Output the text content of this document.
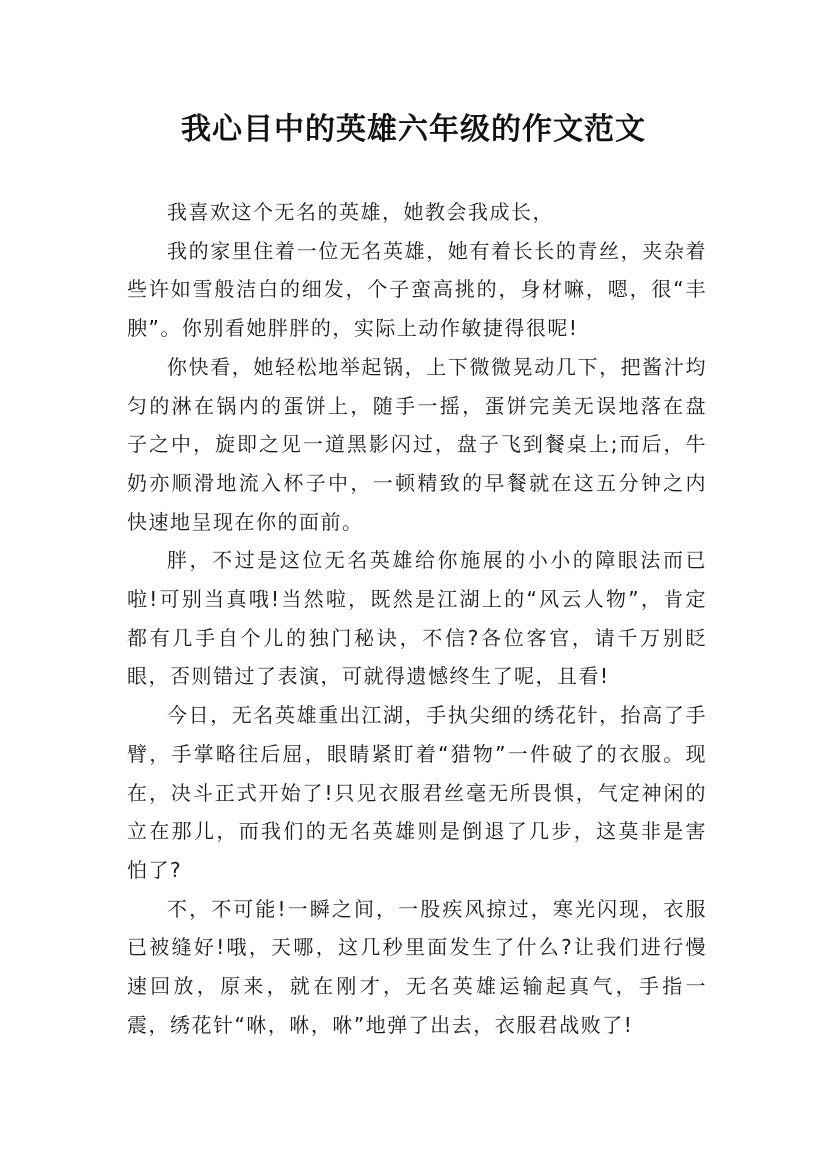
我心目中的英雄六年级的作文范文

我喜欢这个无名的英雄，她教会我成长，

我的家里住着一位无名英雄，她有着长长的青丝，夹杂着些许如雪般洁白的细发，个子蛮高挑的，身材嘛，嗯，很“丰腴”。你别看她胖胖的，实际上动作敏捷得很呢!

你快看，她轻松地举起锅，上下微微晃动几下，把酱汁均匀的淋在锅内的蛋饼上，随手一摇，蛋饼完美无误地落在盘子之中，旋即之见一道黑影闪过，盘子飞到餐桌上;而后，牛奶亦顺滑地流入杯子中，一顿精致的早餐就在这五分钟之内快速地呈现在你的面前。

胖，不过是这位无名英雄给你施展的小小的障眼法而已啦!可别当真哦!当然啦，既然是江湖上的“风云人物”，肯定都有几手自个儿的独门秘诀，不信?各位客官，请千万别眨眼，否则错过了表演，可就得遗憾终生了呢，且看!

今日，无名英雄重出江湖，手执尖细的绣花针，抬高了手臂，手掌略往后屈，眼睛紧盯着“猎物”一件破了的衣服。现在，决斗正式开始了!只见衣服君丝毫无所畏惧，气定神闲的立在那儿，而我们的无名英雄则是倒退了几步，这莫非是害怕了?

不，不可能!一瞬之间，一股疾风掠过，寒光闪现，衣服已被缝好!哦，天哪，这几秒里面发生了什么?让我们进行慢速回放，原来，就在刚才，无名英雄运输起真气，手指一震，绣花针“咻，咻，咻”地弹了出去，衣服君战败了!
